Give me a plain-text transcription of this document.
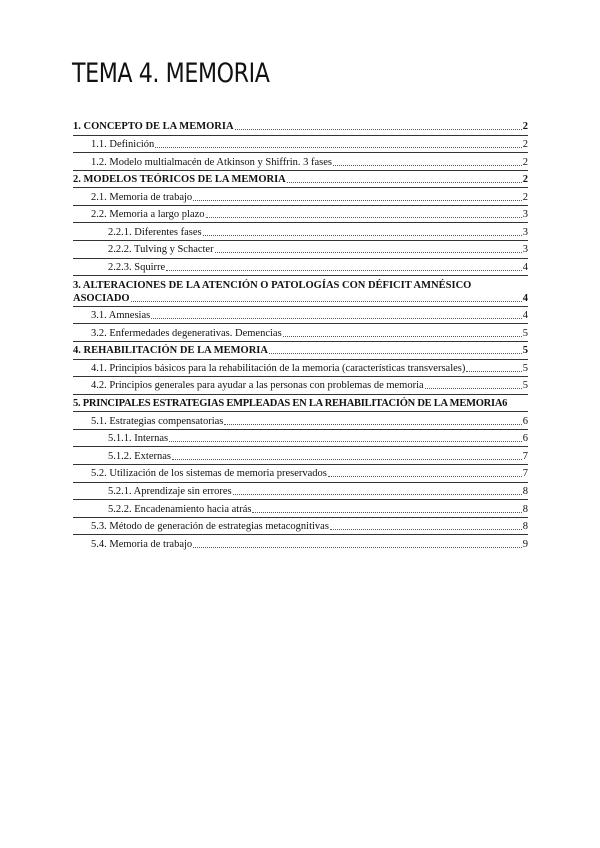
TEMA 4. MEMORIA
1. CONCEPTO DE LA MEMORIA	2
1.1. Definición	2
1.2. Modelo multialmacén de Atkinson y Shiffrin. 3 fases	2
2. MODELOS TEÓRICOS DE LA MEMORIA	2
2.1. Memoria de trabajo	2
2.2. Memoria a largo plazo	3
2.2.1. Diferentes fases	3
2.2.2. Tulving y Schacter	3
2.2.3. Squirre	4
3. ALTERACIONES DE LA ATENCIÓN O PATOLOGÍAS CON DÉFICIT AMNÉSICO
ASOCIADO	4
3.1. Amnesias	4
3.2. Enfermedades degenerativas. Demencias	5
4. REHABILITACIÓN DE LA MEMORIA	5
4.1. Principios básicos para la rehabilitación de la memoria (características transversales)	5
4.2. Principios generales para ayudar a las personas con problemas de memoria	5
5. PRINCIPALES ESTRATEGIAS EMPLEADAS EN LA REHABILITACIÓN DE LA MEMORIA 6
5.1. Estrategias compensatorias	6
5.1.1. Internas	6
5.1.2. Externas	7
5.2. Utilización de los sistemas de memoria preservados	7
5.2.1. Aprendizaje sin errores	8
5.2.2. Encadenamiento hacia atrás	8
5.3. Método de generación de estrategias metacognitivas	8
5.4. Memoria de trabajo	9
